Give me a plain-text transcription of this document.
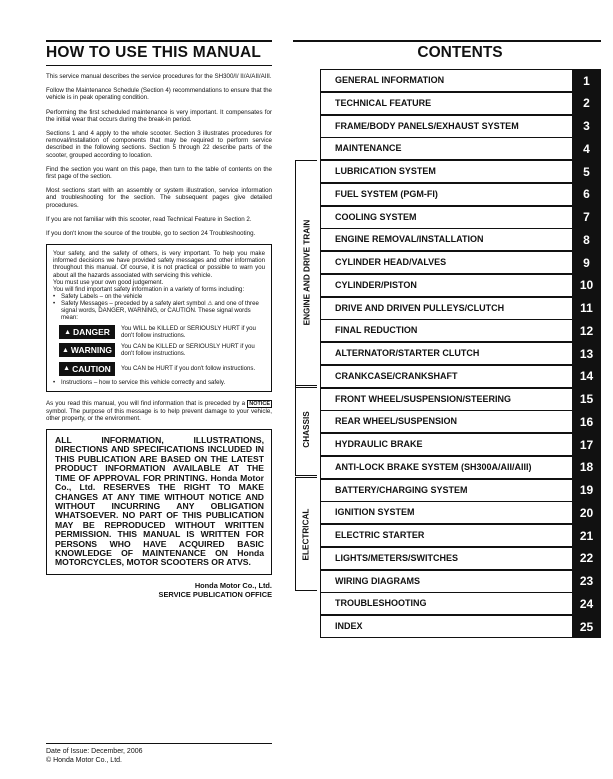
HOW TO USE THIS MANUAL

This service manual describes the service procedures for the SH300/I/ II/A/AII/AIII.

Follow the Maintenance Schedule (Section 4) recommendations to ensure that the vehicle is in peak operating condition.

Performing the first scheduled maintenance is very important. It compensates for the initial wear that occurs during the break-in period.

Sections 1 and 4 apply to the whole scooter. Section 3 illustrates procedures for removal/installation of components that may be required to perform service described in the following sections. Section 5 through 22 describe parts of the scooter, grouped according to location.

Find the section you want on this page, then turn to the table of contents on the first page of the section.

Most sections start with an assembly or system illustration, service information and troubleshooting for the section. The subsequent pages give detailed procedures.

If you are not familiar with this scooter, read Technical Feature in Section 2.

If you don't know the source of the trouble, go to section 24 Troubleshooting.

Your safety, and the safety of others, is very important. To help you make informed decisions we have provided safety messages and other information throughout this manual. Of course, it is not practical or possible to warn you about all the hazards associated with servicing this vehicle.

You must use your own good judgement.

You will find important safety information in a variety of forms including:

• Safety Labels – on the vehicle
• Safety Messages – preceded by a safety alert symbol ⚠ and one of three signal words, DANGER, WARNING, or CAUTION. These signal words mean:
▲ DANGER You WILL be KILLED or SERIOUSLY HURT if you don't follow instructions.
▲ WARNING You CAN be KILLED or SERIOUSLY HURT if you don't follow instructions.
▲ CAUTION You CAN be HURT if you don't follow instructions.
• Instructions – how to service this vehicle correctly and safely.

As you read this manual, you will find information that is preceded by a NOTICE symbol. The purpose of this message is to help prevent damage to your vehicle, other property, or the environment.

ALL INFORMATION, ILLUSTRATIONS, DIRECTIONS AND SPECIFICATIONS INCLUDED IN THIS PUBLICATION ARE BASED ON THE LATEST PRODUCT INFORMATION AVAILABLE AT THE TIME OF APPROVAL FOR PRINTING. Honda Motor Co., Ltd. RESERVES THE RIGHT TO MAKE CHANGES AT ANY TIME WITHOUT NOTICE AND WITHOUT INCURRING ANY OBLIGATION WHATSOEVER. NO PART OF THIS PUBLICATION MAY BE REPRODUCED WITHOUT WRITTEN PERMISSION. THIS MANUAL IS WRITTEN FOR PERSONS WHO HAVE ACQUIRED BASIC KNOWLEDGE OF MAINTENANCE ON Honda MOTORCYCLES, MOTOR SCOOTERS OR ATVS.

Honda Motor Co., Ltd.
SERVICE PUBLICATION OFFICE
Date of Issue: December, 2006
© Honda Motor Co., Ltd.
CONTENTS
GENERAL INFORMATION	1
TECHNICAL FEATURE	2
FRAME/BODY PANELS/EXHAUST SYSTEM	3
MAINTENANCE	4
LUBRICATION SYSTEM	5
FUEL SYSTEM (PGM-FI)	6
COOLING SYSTEM	7
ENGINE REMOVAL/INSTALLATION	8
CYLINDER HEAD/VALVES	9
CYLINDER/PISTON	10
DRIVE AND DRIVEN PULLEYS/CLUTCH	11
FINAL REDUCTION	12
ALTERNATOR/STARTER CLUTCH	13
CRANKCASE/CRANKSHAFT	14
FRONT WHEEL/SUSPENSION/STEERING	15
REAR WHEEL/SUSPENSION	16
HYDRAULIC BRAKE	17
ANTI-LOCK BRAKE SYSTEM (SH300A/AII/AIII)	18
BATTERY/CHARGING SYSTEM	19
IGNITION SYSTEM	20
ELECTRIC STARTER	21
LIGHTS/METERS/SWITCHES	22
WIRING DIAGRAMS	23
TROUBLESHOOTING	24
INDEX	25
ENGINE AND DRIVE TRAIN
CHASSIS
ELECTRICAL
